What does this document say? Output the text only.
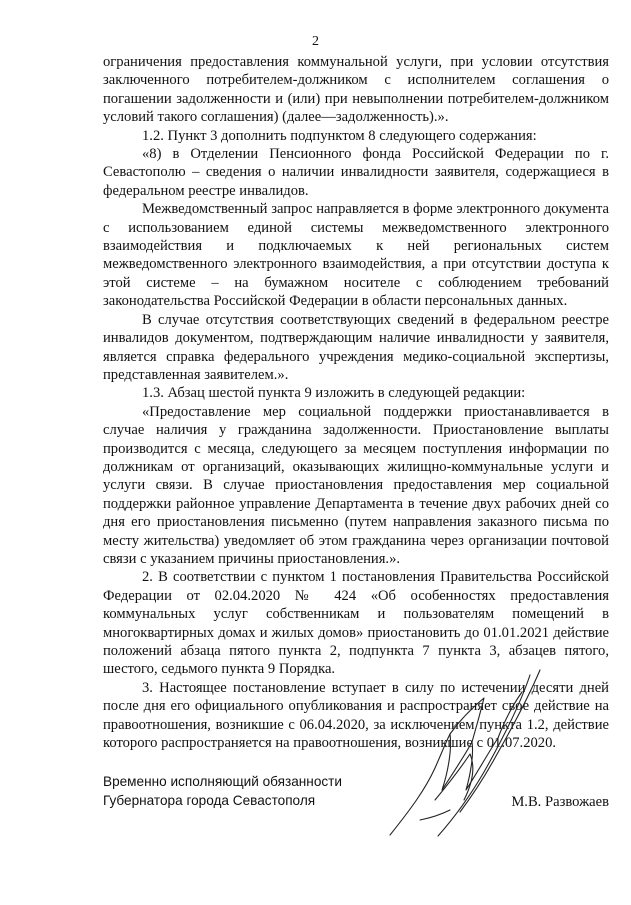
2

ограничения предоставления коммунальной услуги, при условии отсутствия заключенного потребителем-должником с исполнителем соглашения о погашении задолженности и (или) при невыполнении потребителем-должником условий такого соглашения) (далее—задолженность).».

1.2. Пункт 3 дополнить подпунктом 8 следующего содержания:

«8) в Отделении Пенсионного фонда Российской Федерации по г. Севастополю – сведения о наличии инвалидности заявителя, содержащиеся в федеральном реестре инвалидов.

Межведомственный запрос направляется в форме электронного документа с использованием единой системы межведомственного электронного взаимодействия и подключаемых к ней региональных систем межведомственного электронного взаимодействия, а при отсутствии доступа к этой системе – на бумажном носителе с соблюдением требований законодательства Российской Федерации в области персональных данных.

В случае отсутствия соответствующих сведений в федеральном реестре инвалидов документом, подтверждающим наличие инвалидности у заявителя, является справка федерального учреждения медико-социальной экспертизы, представленная заявителем.».

1.3. Абзац шестой пункта 9 изложить в следующей редакции:

«Предоставление мер социальной поддержки приостанавливается в случае наличия у гражданина задолженности. Приостановление выплаты производится с месяца, следующего за месяцем поступления информации по должникам от организаций, оказывающих жилищно-коммунальные услуги и услуги связи. В случае приостановления предоставления мер социальной поддержки районное управление Департамента в течение двух рабочих дней со дня его приостановления письменно (путем направления заказного письма по месту жительства) уведомляет об этом гражданина через организации почтовой связи с указанием причины приостановления.».

2. В соответствии с пунктом 1 постановления Правительства Российской Федерации от 02.04.2020 № 424 «Об особенностях предоставления коммунальных услуг собственникам и пользователям помещений в многоквартирных домах и жилых домов» приостановить до 01.01.2021 действие положений абзаца пятого пункта 2, подпункта 7 пункта 3, абзацев пятого, шестого, седьмого пункта 9 Порядка.

3. Настоящее постановление вступает в силу по истечении десяти дней после дня его официального опубликования и распространяет свое действие на правоотношения, возникшие с 06.04.2020, за исключением пункта 1.2, действие которого распространяется на правоотношения, возникшие с 01.07.2020.

Временно исполняющий обязанности
Губернатора города Севастополя	М.В. Развожаев
